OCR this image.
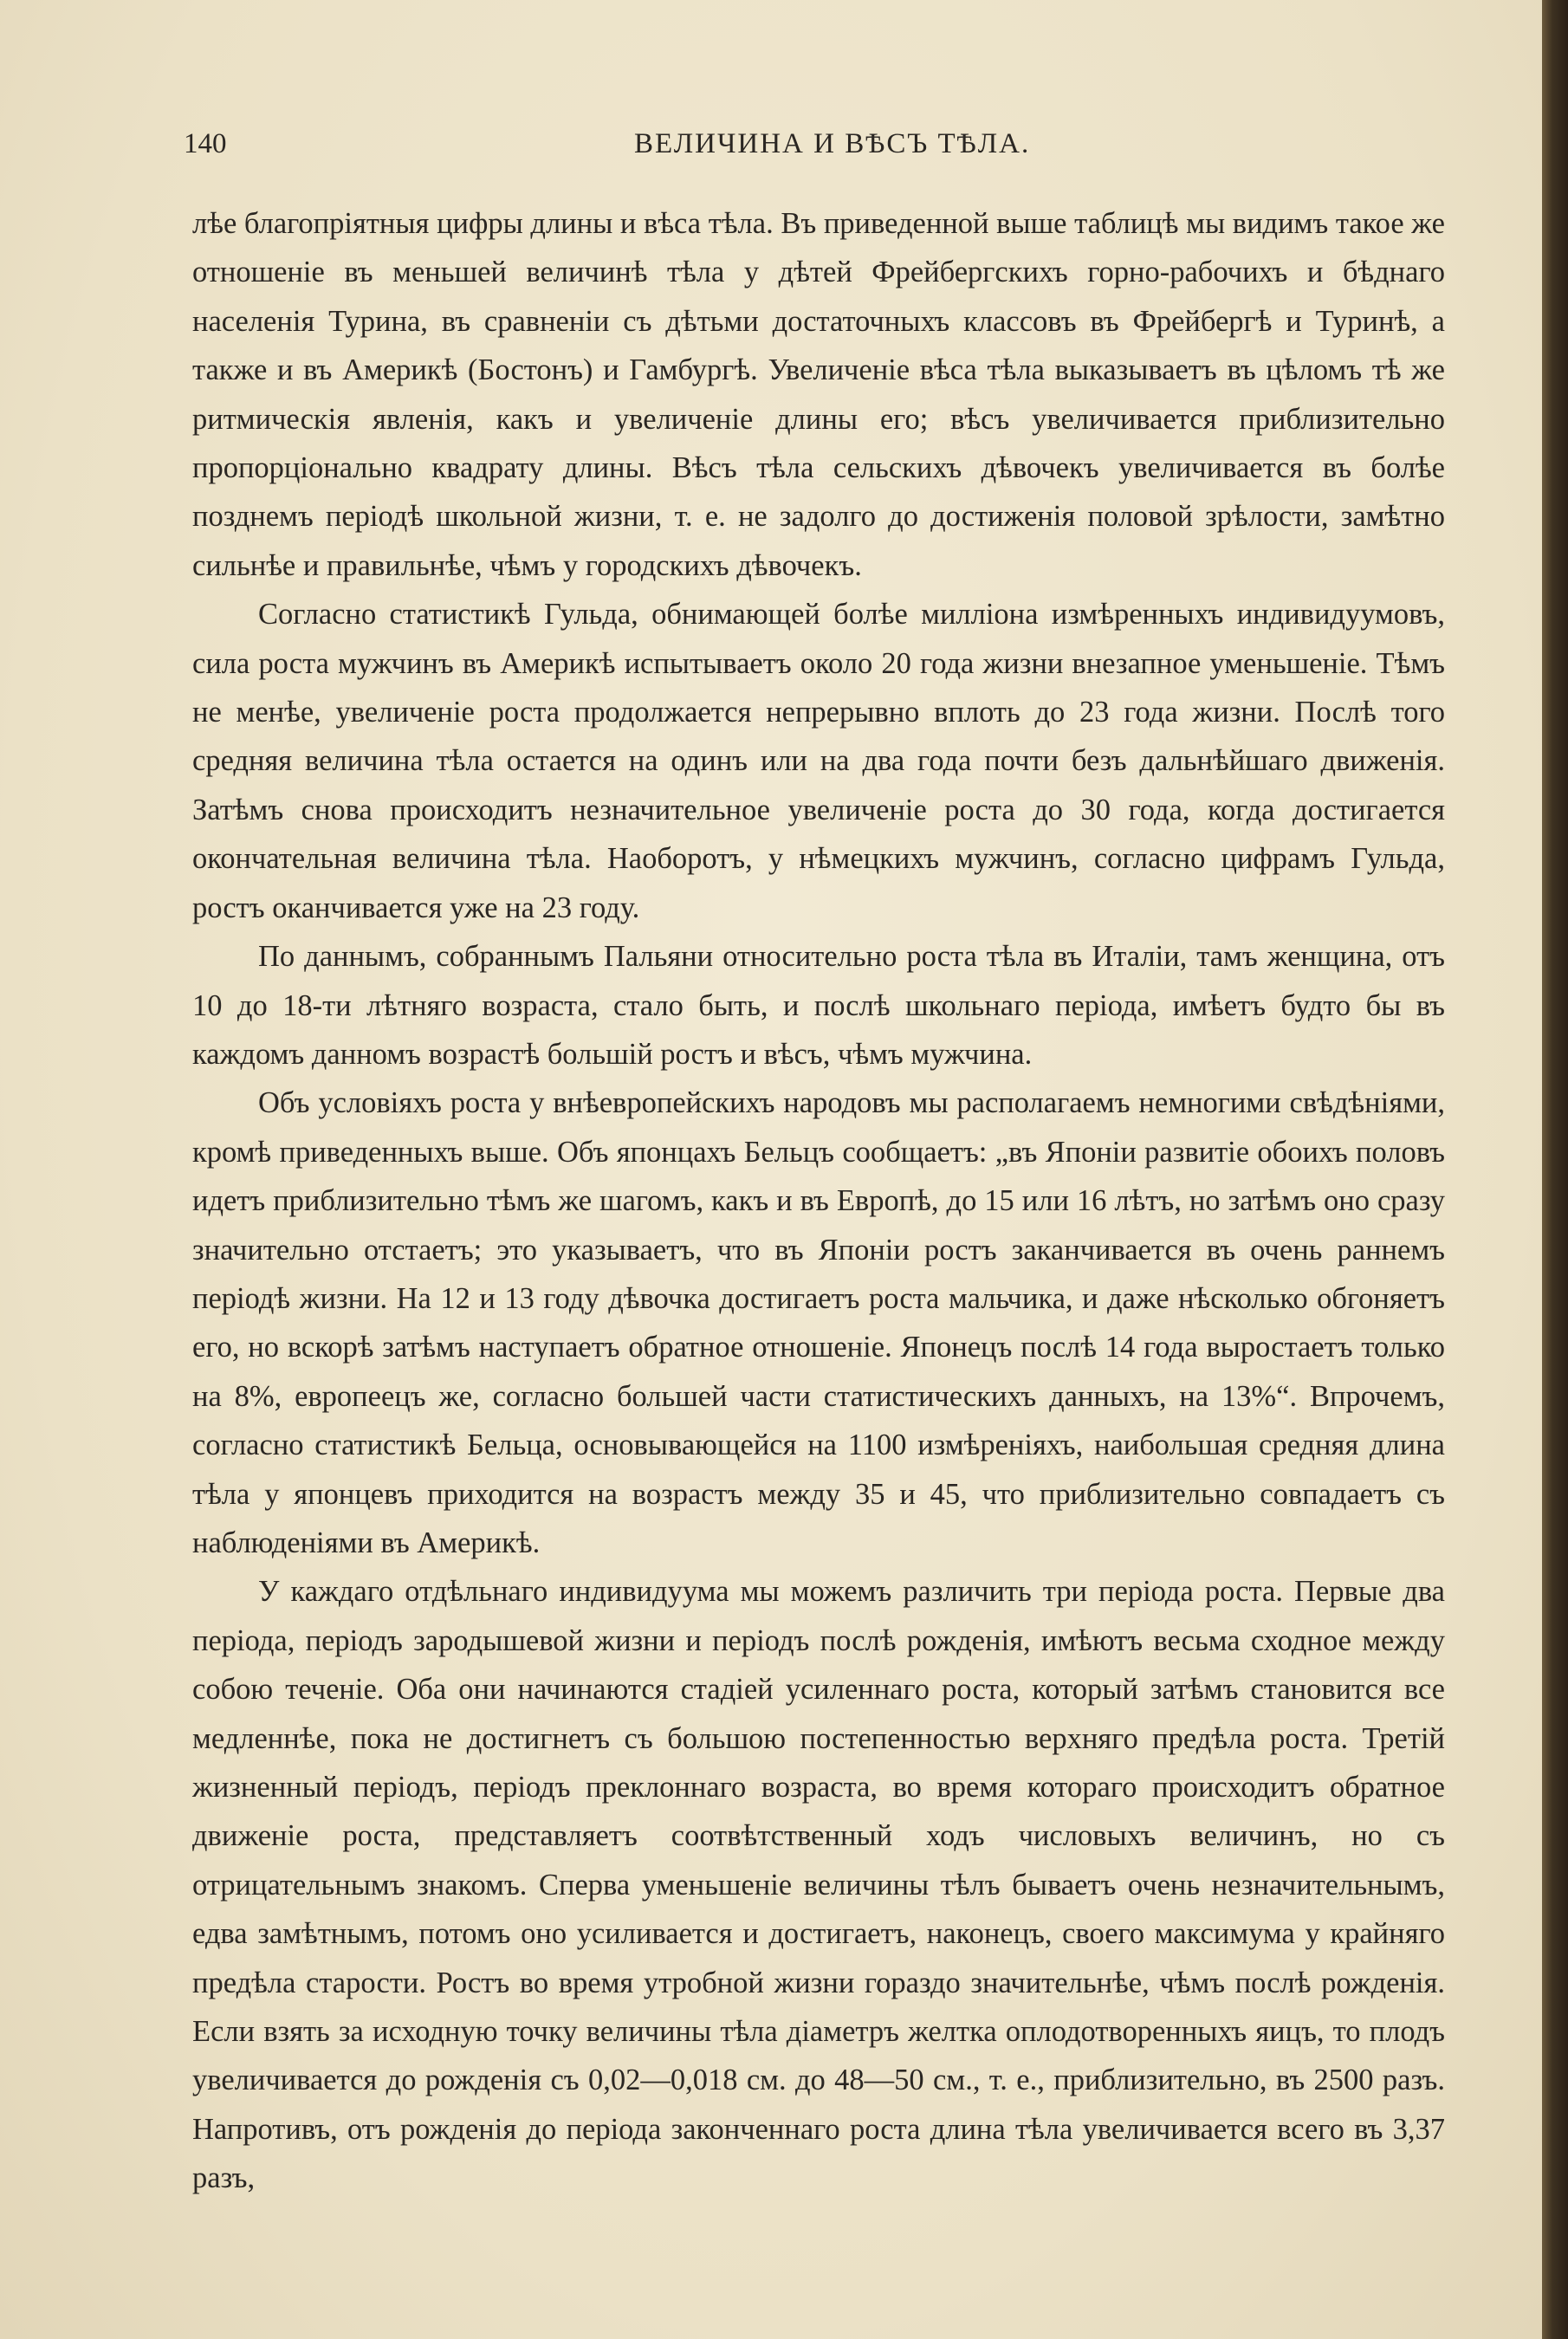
140	ВЕЛИЧИНА И ВѢСЪ ТѢЛА.

лѣе благопріятныя цифры длины и вѣса тѣла. Въ приведенной выше таблицѣ мы видимъ такое же отношеніе въ меньшей величинѣ тѣла у дѣтей Фрейбергскихъ горно-рабочихъ и бѣднаго населенія Турина, въ сравненіи съ дѣтьми достаточныхъ классовъ въ Фрейбергѣ и Туринѣ, а также и въ Америкѣ (Бостонъ) и Гамбургѣ. Увеличеніе вѣса тѣла выказываетъ въ цѣломъ тѣ же ритмическія явленія, какъ и увеличеніе длины его; вѣсъ увеличивается приблизительно пропорціонально квадрату длины. Вѣсъ тѣла сельскихъ дѣвочекъ увеличивается въ болѣе позднемъ періодѣ школьной жизни, т. е. не задолго до достиженія половой зрѣлости, замѣтно сильнѣе и правильнѣе, чѣмъ у городскихъ дѣвочекъ.

Согласно статистикѣ Гульда, обнимающей болѣе милліона измѣренныхъ индивидуумовъ, сила роста мужчинъ въ Америкѣ испытываетъ около 20 года жизни внезапное уменьшеніе. Тѣмъ не менѣе, увеличеніе роста продолжается непрерывно вплоть до 23 года жизни. Послѣ того средняя величина тѣла остается на одинъ или на два года почти безъ дальнѣйшаго движенія. Затѣмъ снова происходитъ незначительное увеличеніе роста до 30 года, когда достигается окончательная величина тѣла. Наоборотъ, у нѣмецкихъ мужчинъ, согласно цифрамъ Гульда, ростъ оканчивается уже на 23 году.

По даннымъ, собраннымъ Пальяни относительно роста тѣла въ Италіи, тамъ женщина, отъ 10 до 18-ти лѣтняго возраста, стало быть, и послѣ школьнаго періода, имѣетъ будто бы въ каждомъ данномъ возрастѣ большій ростъ и вѣсъ, чѣмъ мужчина.

Объ условіяхъ роста у внѣевропейскихъ народовъ мы располагаемъ немногими свѣдѣніями, кромѣ приведенныхъ выше. Объ японцахъ Бельцъ сообщаетъ: „въ Японіи развитіе обоихъ половъ идетъ приблизительно тѣмъ же шагомъ, какъ и въ Европѣ, до 15 или 16 лѣтъ, но затѣмъ оно сразу значительно отстаетъ; это указываетъ, что въ Японіи ростъ заканчивается въ очень раннемъ періодѣ жизни. На 12 и 13 году дѣвочка достигаетъ роста мальчика, и даже нѣсколько обгоняетъ его, но вскорѣ затѣмъ наступаетъ обратное отношеніе. Японецъ послѣ 14 года выростаетъ только на 8%, европеецъ же, согласно большей части статистическихъ данныхъ, на 13%“. Впрочемъ, согласно статистикѣ Бельца, основывающейся на 1100 измѣреніяхъ, наибольшая средняя длина тѣла у японцевъ приходится на возрастъ между 35 и 45, что приблизительно совпадаетъ съ наблюденіями въ Америкѣ.

У каждаго отдѣльнаго индивидуума мы можемъ различить три періода роста. Первые два періода, періодъ зародышевой жизни и періодъ послѣ рожденія, имѣютъ весьма сходное между собою теченіе. Оба они начинаются стадіей усиленнаго роста, который затѣмъ становится все медленнѣе, пока не достигнетъ съ большою постепенностью верхняго предѣла роста. Третій жизненный періодъ, періодъ преклоннаго возраста, во время котораго происходитъ обратное движеніе роста, представляетъ соотвѣтственный ходъ числовыхъ величинъ, но съ отрицательнымъ знакомъ. Сперва уменьшеніе величины тѣлъ бываетъ очень незначительнымъ, едва замѣтнымъ, потомъ оно усиливается и достигаетъ, наконецъ, своего максимума у крайняго предѣла старости. Ростъ во время утробной жизни гораздо значительнѣе, чѣмъ послѣ рожденія. Если взять за исходную точку величины тѣла діаметръ желтка оплодотворенныхъ яицъ, то плодъ увеличивается до рожденія съ 0,02—0,018 см. до 48—50 см., т. е., приблизительно, въ 2500 разъ. Напротивъ, отъ рожденія до періода законченнаго роста длина тѣла увеличивается всего въ 3,37 разъ,
